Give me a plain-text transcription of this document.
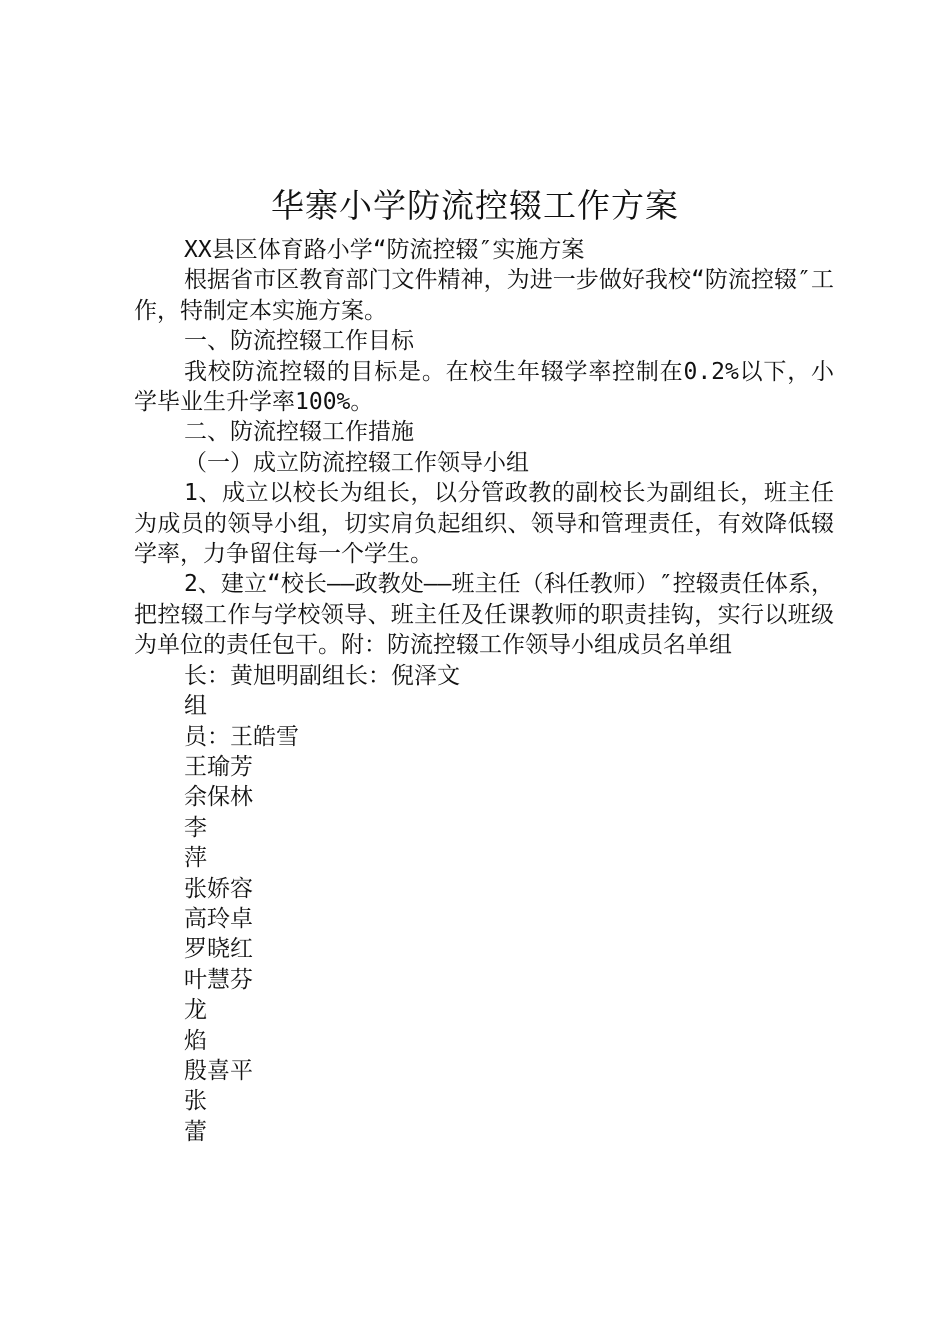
华寨小学防流控辍工作方案

XX县区体育路小学“防流控辍″实施方案

根据省市区教育部门文件精神，为进一步做好我校“防流控辍″工作，特制定本实施方案。

一、防流控辍工作目标

我校防流控辍的目标是。在校生年辍学率控制在0.2%以下，小学毕业生升学率100%。

二、防流控辍工作措施

（一）成立防流控辍工作领导小组

1、成立以校长为组长，以分管政教的副校长为副组长，班主任为成员的领导小组，切实肩负起组织、领导和管理责任，有效降低辍学率，力争留住每一个学生。

2、建立“校长——政教处——班主任（科任教师）″控辍责任体系，把控辍工作与学校领导、班主任及任课教师的职责挂钩，实行以班级为单位的责任包干。附：防流控辍工作领导小组成员名单组

长：黄旭明副组长：倪泽文

组
员：王皓雪
王瑜芳
余保林
李
萍
张娇容
高玲卓
罗晓红
叶慧芬
龙
焰
殷喜平
张
蕾
